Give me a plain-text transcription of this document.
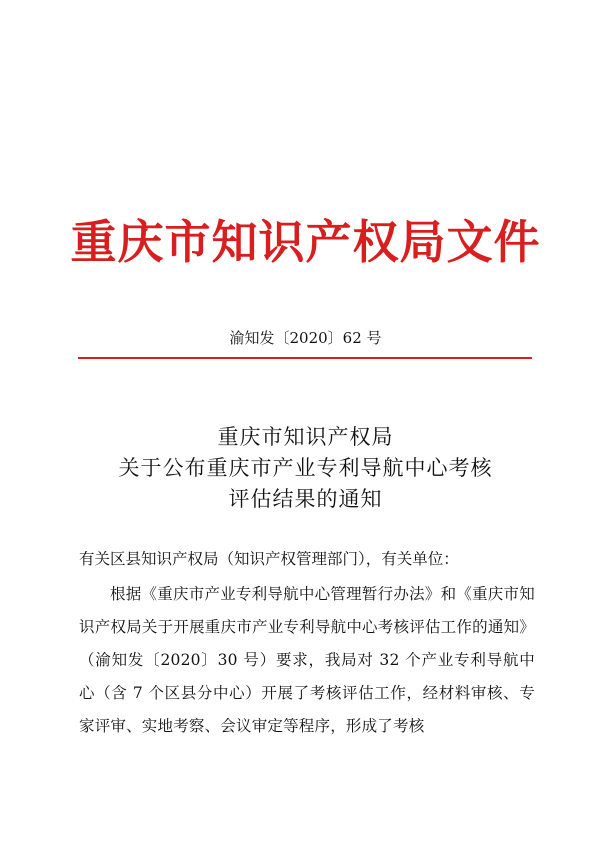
重庆市知识产权局文件
渝知发〔2020〕62 号
重庆市知识产权局
关于公布重庆市产业专利导航中心考核
评估结果的通知

有关区县知识产权局（知识产权管理部门），有关单位：

根据《重庆市产业专利导航中心管理暂行办法》和《重庆市知识产权局关于开展重庆市产业专利导航中心考核评估工作的通知》（渝知发〔2020〕30 号）要求，我局对 32 个产业专利导航中心（含 7 个区县分中心）开展了考核评估工作，经材料审核、专家评审、实地考察、会议审定等程序，形成了考核
